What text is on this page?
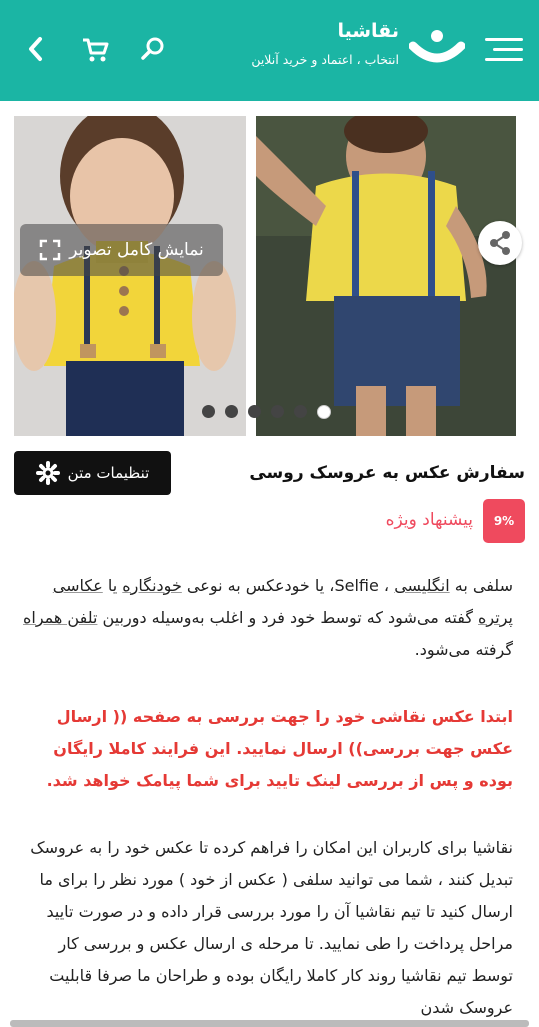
نقاشیا
انتخاب ، اعتماد و خرید آنلاین
نمایش کامل تصویر
سفارش عکس به عروسک روسی
تنظیمات متن
9%
پیشنهاد ویژه
سلفی به انگلیسی ، Selfie، یا خودعکس به نوعی خودنگاره یا عکاسی پرتره گفته می‌شود که توسط خود فرد و اغلب به‌وسیله دوربین تلفن همراه گرفته می‌شود.
ابتدا عکس نقاشی خود را جهت بررسی به صفحه (( ارسال عکس جهت بررسی)) ارسال نمایید. این فرایند کاملا رایگان بوده و پس از بررسی لینک تایید برای شما پیامک خواهد شد.
نقاشیا برای کاربران این امکان را فراهم کرده تا عکس خود را به عروسک تبدیل کنند ، شما می توانید سلفی ( عکس از خود ) مورد نظر را برای ما ارسال کنید تا تیم نقاشیا آن را مورد بررسی قرار داده و در صورت تایید مراحل پرداخت را طی نمایید. تا مرحله ی ارسال عکس و بررسی کار توسط تیم نقاشیا روند کار کاملا رایگان بوده و طراحان ما صرفا قابلیت عروسک شدن
